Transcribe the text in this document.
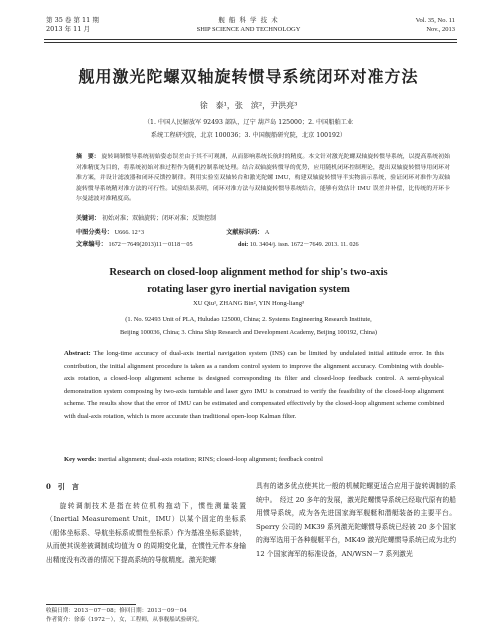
第 35 卷 第 11 期
2013 年 11 月
舰 船 科 学 技 术
SHIP SCIENCE AND TECHNOLOGY
Vol. 35, No. 11
Nov., 2013
舰用激光陀螺双轴旋转惯导系统闭环对准方法
徐　泰¹，张　滨²，尹洪亮³
（1. 中国人民解放军 92493 部队，辽宁 葫芦岛 125000；2. 中国船舶工业
系统工程研究院，北京 100036；3. 中国舰船研究院，北京 100192）
摘　要： 旋转调制惯导系统初始姿态误差由于其不可观测，从而影响系统长航时的精度。本文针对激光陀螺双轴旋转惯导系统，以提高系统初始对准精度为目的，将系统初始对准过程作为随机控制系统处理。结合双轴旋转惯导的优势，应用随机闭环控制理论，提出双轴旋转惯导用闭环对准方案，并设计滤波器和闭环反馈控制律。利用实验室双轴转台和激光陀螺 IMU，构建双轴旋转惯导半实物演示系统，验证闭环对准作为双轴旋转惯导系统精对准方法的可行性。试验结果表明，闭环对准方法与双轴旋转惯导系统结合，能够有效估计 IMU 误差并补偿，比传统的开环卡尔曼滤波对准精度高。
关键词： 初始对准；双轴旋转；闭环对准；反馈控制
中图分类号： U666. 12⁺3	文献标识码： A
文章编号： 1672－7649(2013)11－0118－05	doi: 10. 3404/j. issn. 1672－7649. 2013. 11. 026
Research on closed-loop alignment method for ship's two-axis
rotating laser gyro inertial navigation system
XU Qiu¹, ZHANG Bin², YIN Hong-liang³
(1. No. 92493 Unit of PLA, Huludao 125000, China; 2. Systems Engineering Research Institute,
Beijing 100036, China; 3. China Ship Research and Development Academy, Beijing 100192, China)
Abstract: The long-time accuracy of dual-axis inertial navigation system (INS) can be limited by undulated initial attitude error. In this contribution, the initial alignment procedure is taken as a random control system to improve the alignment accuracy. Combining with double-axis rotation, a closed-loop alignment scheme is designed corresponding its filter and closed-loop feedback control. A semi-physical demonstration system composing by two-axis turntable and laser gyro IMU is construed to verify the feasibility of the closed-loop alignment scheme. The results show that the error of IMU can be estimated and compensated effectively by the closed-loop alignment scheme combined with dual-axis rotation, which is more accurate than traditional open-loop Kalman filter.
Key words: inertial alignment; dual-axis rotation; RINS; closed-loop alignment; feedback control
0　引　言
旋转调制技术是指在转位机构拖动下，惯性测量装置（Inertial Measurement Unit，IMU）以某个固定的坐标系（船体坐标系、导航坐标系或惯性坐标系）作为基准坐标系旋转，从而使其误差被调制成均值为 0 的周期变化量，在惯性元件本身输出精度没有改善的情况下提高系统的导航精度。激光陀螺
具有的诸多优点使其比一般的机械陀螺更适合应用于旋转调制的系统中。　经过 20 多年的发展，激光陀螺惯导系统已经取代原有的船用惯导系统，成为各先进国家海军舰艇和潜艇装备的主要平台。Sperry 公司的 MK39 系列激光陀螺惯导系统已经被 20 多个国家的海军选用于各种舰艇平台，MK49 激光陀螺惯导系统已成为北约 12 个国家海军的标准设备，AN/WSN－7 系列激光
收稿日期：2013－07－08；修回日期：2013－09－04
作者简介：徐泰（1972－），女，工程师，从事舰船试验研究。
